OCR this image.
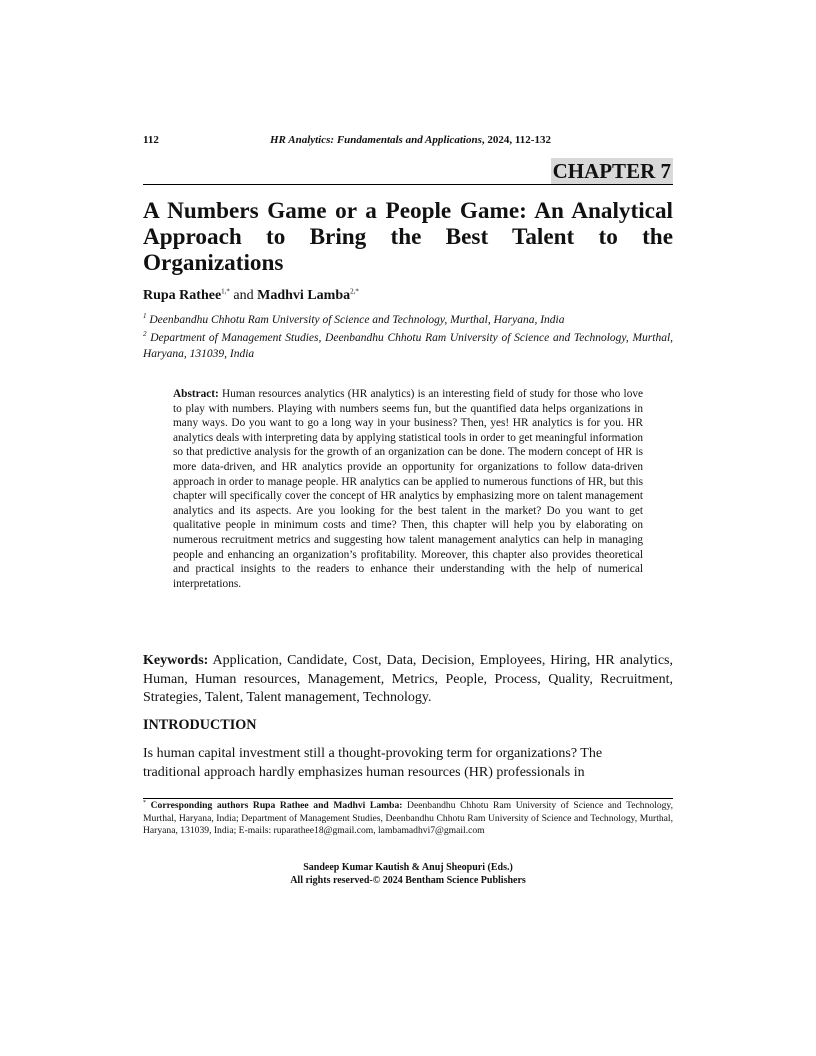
112	HR Analytics: Fundamentals and Applications, 2024, 112-132
CHAPTER 7
A Numbers Game or a People Game: An Analytical Approach to Bring the Best Talent to the Organizations
Rupa Rathee$^{1,*}$ and Madhvi Lamba$^{2,*}$
$^1$ Deenbandhu Chhotu Ram University of Science and Technology, Murthal, Haryana, India
$^2$ Department of Management Studies, Deenbandhu Chhotu Ram University of Science and Technology, Murthal, Haryana, 131039, India

Abstract: Human resources analytics (HR analytics) is an interesting field of study for those who love to play with numbers. Playing with numbers seems fun, but the quantified data helps organizations in many ways. Do you want to go a long way in your business? Then, yes! HR analytics is for you. HR analytics deals with interpreting data by applying statistical tools in order to get meaningful information so that predictive analysis for the growth of an organization can be done. The modern concept of HR is more data-driven, and HR analytics provide an opportunity for organizations to follow data-driven approach in order to manage people. HR analytics can be applied to numerous functions of HR, but this chapter will specifically cover the concept of HR analytics by emphasizing more on talent management analytics and its aspects. Are you looking for the best talent in the market? Do you want to get qualitative people in minimum costs and time? Then, this chapter will help you by elaborating on numerous recruitment metrics and suggesting how talent management analytics can help in managing people and enhancing an organization’s profitability. Moreover, this chapter also provides theoretical and practical insights to the readers to enhance their understanding with the help of numerical interpretations.

Keywords: Application, Candidate, Cost, Data, Decision, Employees, Hiring, HR analytics, Human, Human resources, Management, Metrics, People, Process, Quality, Recruitment, Strategies, Talent, Talent management, Technology.

INTRODUCTION

Is human capital investment still a thought-provoking term for organizations? The
traditional approach hardly emphasizes human resources (HR) professionals in

* Corresponding authors Rupa Rathee and Madhvi Lamba: Deenbandhu Chhotu Ram University of Science and Technology, Murthal, Haryana, India; Department of Management Studies, Deenbandhu Chhotu Ram University of Science and Technology, Murthal, Haryana, 131039, India; E-mails: ruparathee18@gmail.com, lambamadhvi7@gmail.com

Sandeep Kumar Kautish & Anuj Sheopuri (Eds.)
All rights reserved-© 2024 Bentham Science Publishers
